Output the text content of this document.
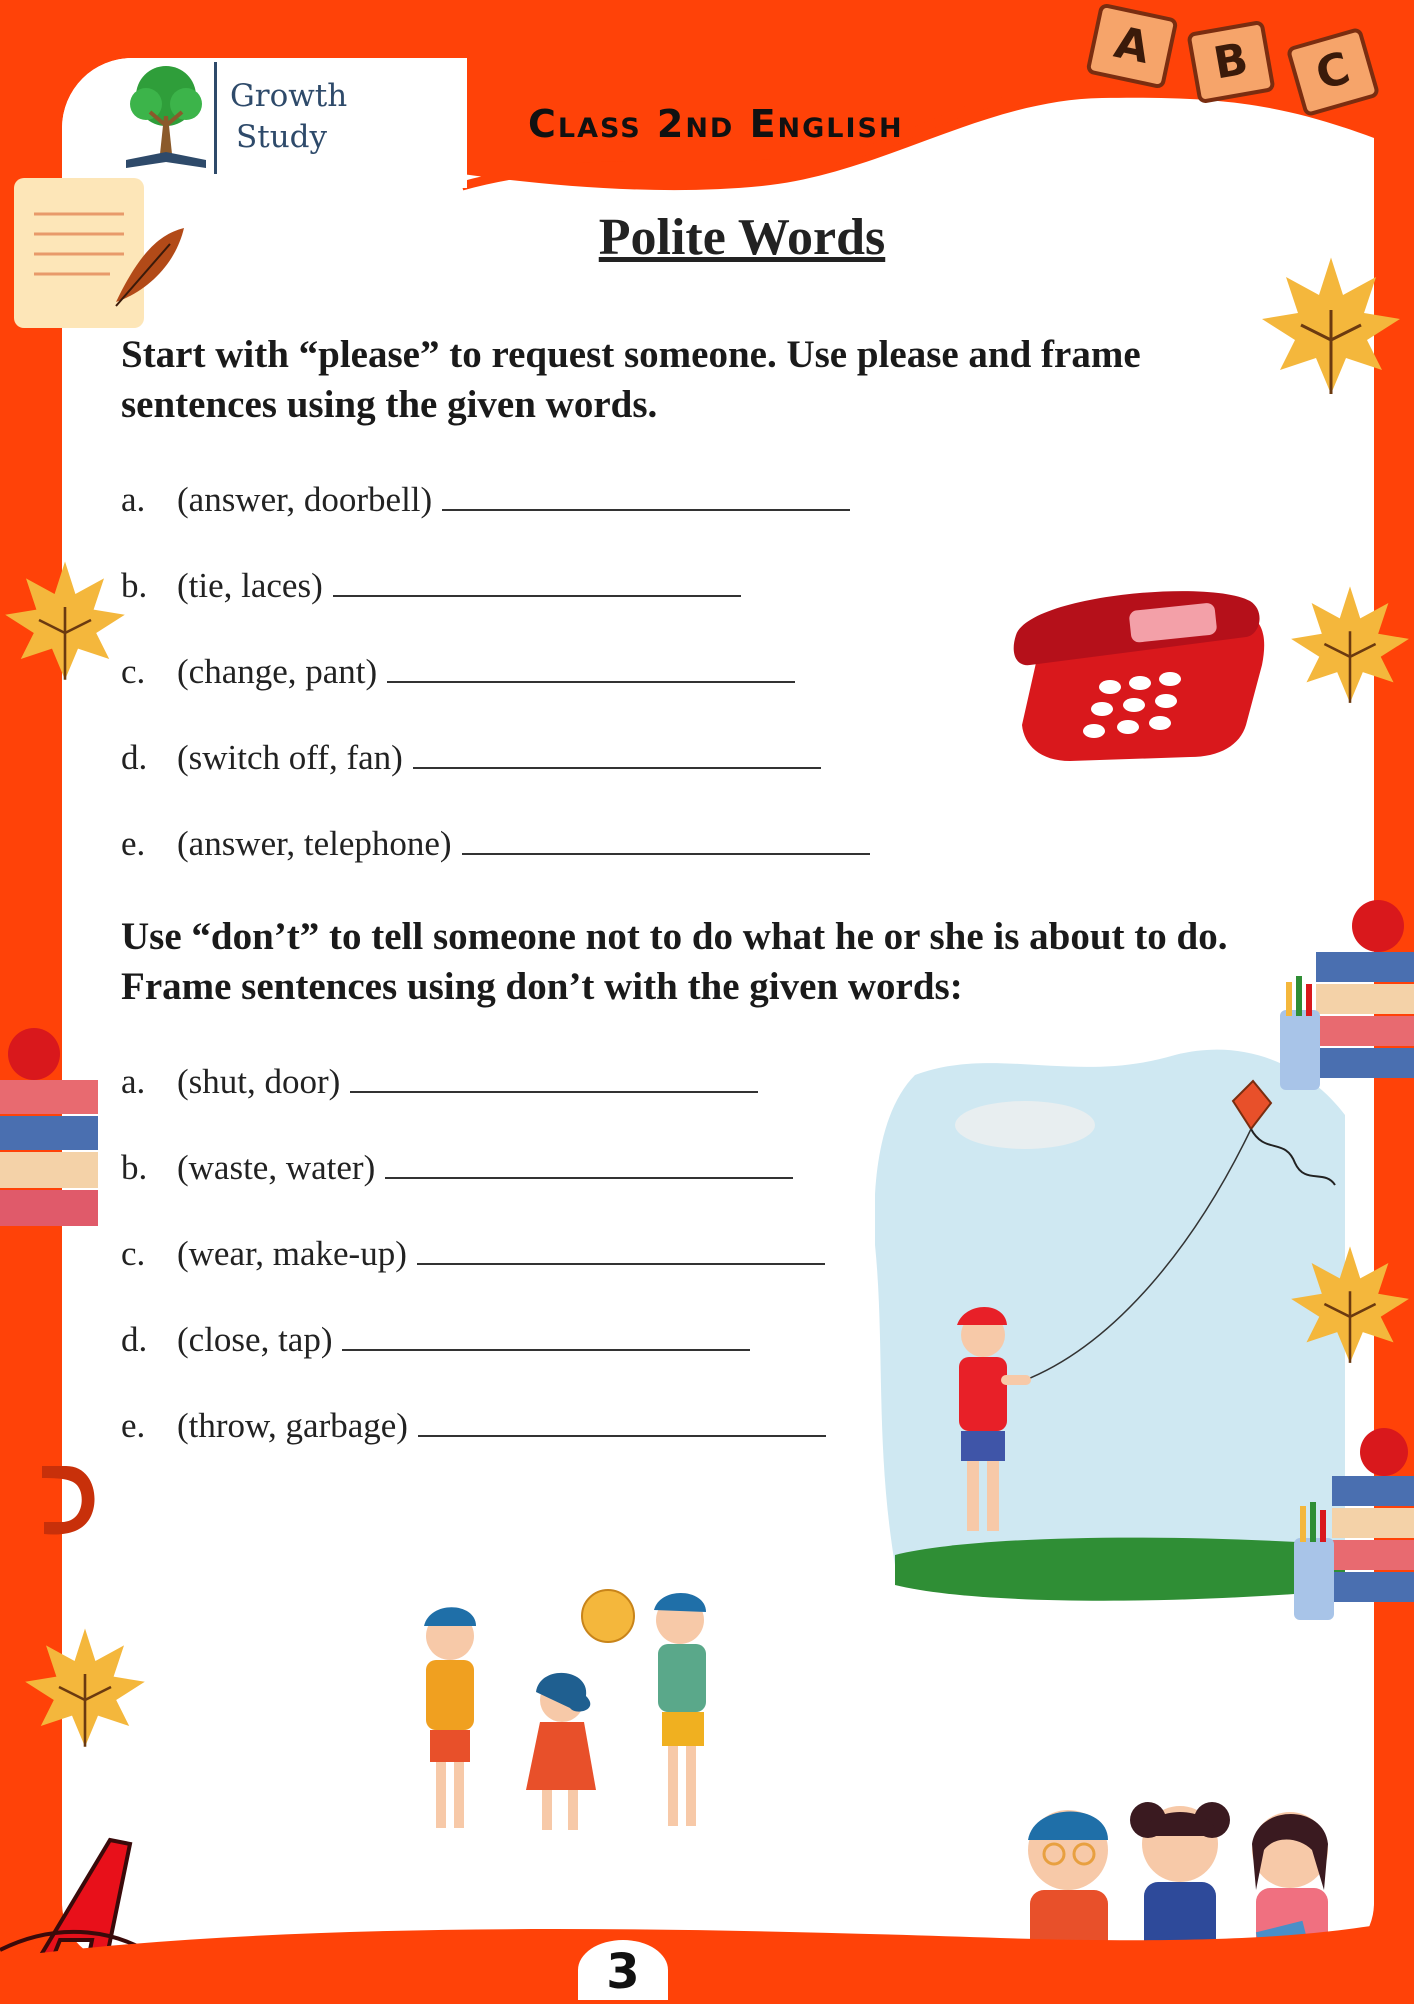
Growth
Study	Class 2nd English
A	B	C
Polite Words
Start with “please” to request someone. Use please and frame sentences using the given words.
a. (answer, doorbell)
b. (tie, laces)
c. (change, pant)
d. (switch off, fan)
e. (answer, telephone)
Use “don’t” to tell someone not to do what he or she is about to do. Frame sentences using don’t with the given words:
a. (shut, door)
b. (waste, water)
c. (wear, make-up)
d. (close, tap)
e. (throw, garbage)
3
